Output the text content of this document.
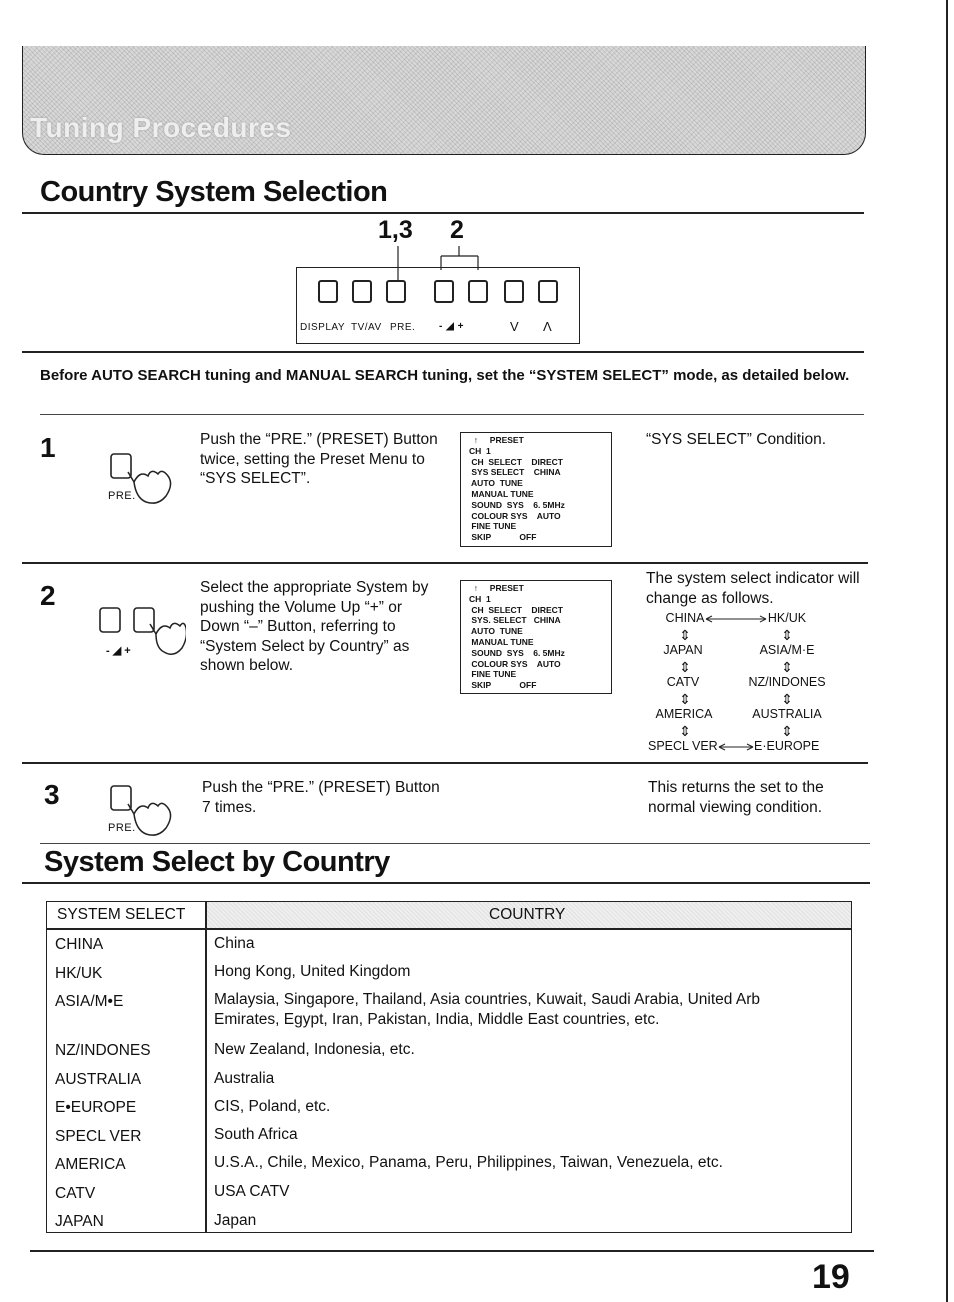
Tuning Procedures
Country System Selection
1,3 2
DISPLAY TV/AV PRE. - ◢ +	V Λ
Before AUTO SEARCH tuning and MANUAL SEARCH tuning, set the “SYSTEM SELECT” mode, as detailed below.
1
PRE.
Push the “PRE.” (PRESET) Button twice, setting the Preset Menu to “SYS SELECT”.
↑     PRESET
CH  1
CH  SELECT    DIRECT
SYS SELECT    CHINA
AUTO  TUNE
MANUAL TUNE
SOUND  SYS    6. 5MHz
COLOUR SYS    AUTO
FINE TUNE
SKIP            OFF
“SYS SELECT” Condition.
2
- ◢ +
Select the appropriate System by pushing the Volume Up “+” or Down “–” Button, referring to “System Select by Country” as shown below.
↑     PRESET
CH  1
CH  SELECT    DIRECT
SYS. SELECT   CHINA
AUTO  TUNE
MANUAL TUNE
SOUND  SYS    6. 5MHz
COLOUR SYS    AUTO
FINE TUNE
SKIP            OFF
The system select indicator will change as follows.
CHINA	HK/UK
⇕	⇕
JAPAN	ASIA/M·E
⇕	⇕
CATV	NZ/INDONES
⇕	⇕
AMERICA	AUSTRALIA
⇕	⇕
SPECL VER	E·EUROPE
3
PRE.
Push the “PRE.” (PRESET) Button 7 times.
This returns the set to the normal viewing condition.
System Select by Country
SYSTEM SELECT	COUNTRY
CHINA	China
HK/UK	Hong Kong, United Kingdom
ASIA/M•E	Malaysia, Singapore, Thailand, Asia countries, Kuwait, Saudi Arabia, United Arb Emirates, Egypt, Iran, Pakistan, India, Middle East countries, etc.
NZ/INDONES	New Zealand, Indonesia, etc.
AUSTRALIA	Australia
E•EUROPE	CIS, Poland, etc.
SPECL VER	South Africa
AMERICA	U.S.A., Chile, Mexico, Panama, Peru, Philippines, Taiwan, Venezuela, etc.
CATV	USA CATV
JAPAN	Japan
19
